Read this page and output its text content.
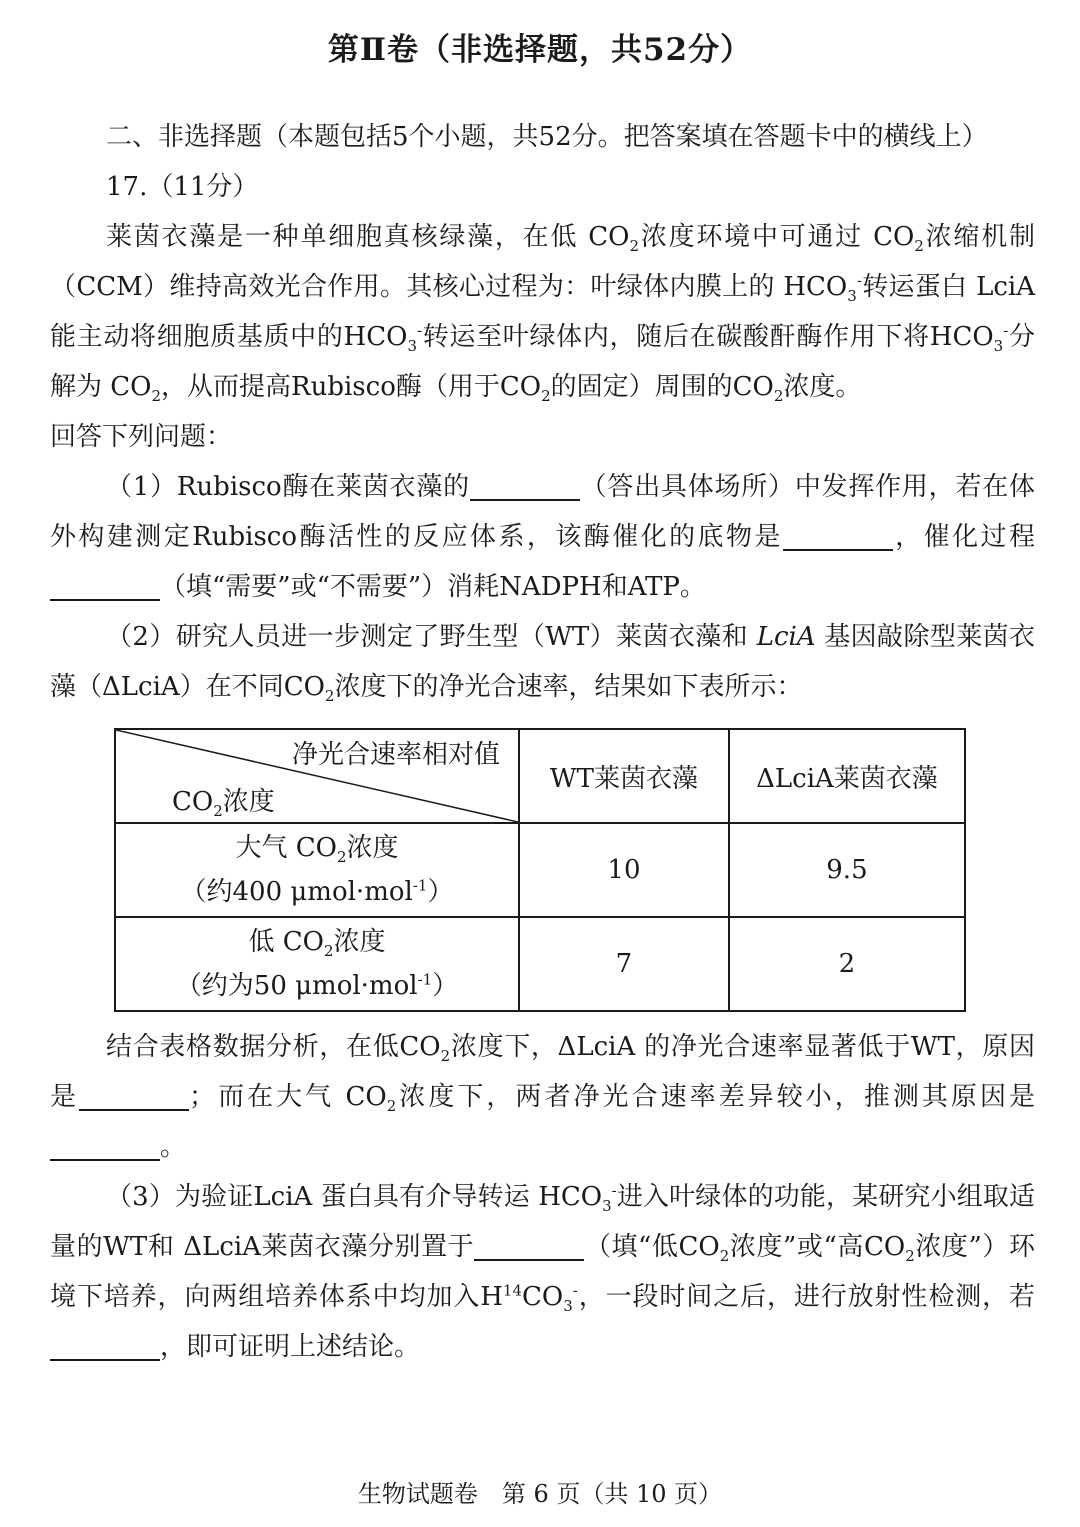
第Ⅱ卷（非选择题，共52分）

二、非选择题（本题包括5个小题，共52分。把答案填在答题卡中的横线上）

17.（11分）

莱茵衣藻是一种单细胞真核绿藻，在低 $CO_2$浓度环境中可通过 $CO_2$浓缩机制（CCM）维持高效光合作用。其核心过程为：叶绿体内膜上的 $HCO_3^-$转运蛋白 LciA 能主动将细胞质基质中的$HCO_3^-$转运至叶绿体内，随后在碳酸酐酶作用下将$HCO_3^-$分解为 $CO_2$，从而提高Rubisco酶（用于$CO_2$的固定）周围的$CO_2$浓度。

回答下列问题：

（1）Rubisco酶在莱茵衣藻的	（答出具体场所）中发挥作用，若在体外构建测定Rubisco酶活性的反应体系，该酶催化的底物是	，催化过程（填“需要”或“不需要”）消耗NADPH和ATP。

（2）研究人员进一步测定了野生型（WT）莱茵衣藻和 LciA 基因敲除型莱茵衣藻（ΔLciA）在不同$CO_2$浓度下的净光合速率，结果如下表所示：

净光合速率相对值
$CO_2$浓度	WT莱茵衣藻	ΔLciA莱茵衣藻

大气 $CO_2$浓度
（约400 μmol·mol$^{-1}$）	10	9.5

低 $CO_2$浓度
（约为50 μmol·mol$^{-1}$）	7	2

结合表格数据分析，在低$CO_2$浓度下，ΔLciA 的净光合速率显著低于WT，原因是	；而在大气 $CO_2$浓度下，两者净光合速率差异较小，推测其原因是。

（3）为验证LciA 蛋白具有介导转运 $HCO_3^-$进入叶绿体的功能，某研究小组取适量的WT和 ΔLciA莱茵衣藻分别置于	（填“低$CO_2$浓度”或“高$CO_2$浓度”）环境下培养，向两组培养体系中均加入$H^{14}CO_3^-$，一段时间之后，进行放射性检测，若，即可证明上述结论。

生物试题卷　第 6 页（共 10 页）
